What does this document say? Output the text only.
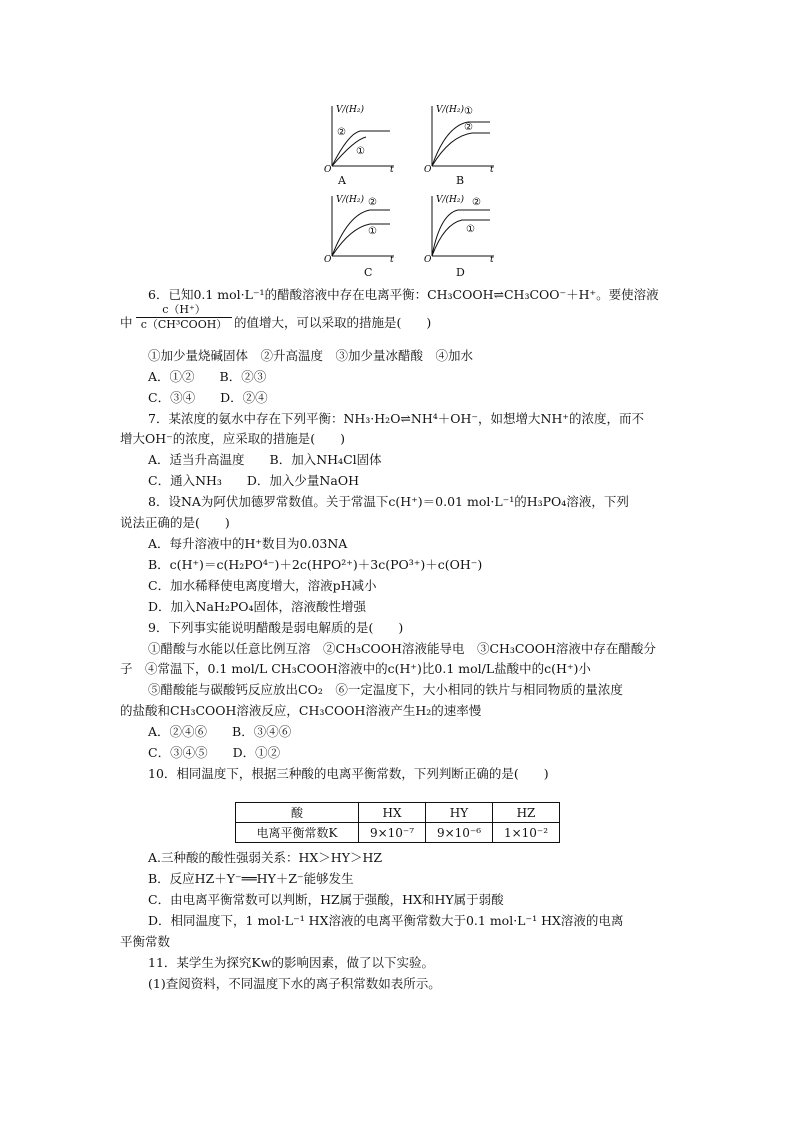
V/(H₂)
②
①
O	t
A
V/(H₂) ①
②
O	t
B
V/(H₂) ②
①
O	t
C
V/(H₂) ②
①
O	t
D
6．已知0.1 mol·L⁻¹的醋酸溶液中存在电离平衡：CH₃COOH⇌CH₃COO⁻＋H⁺。要使溶液
中
c（H⁺）
c（CH³COOH） 的值增大，可以采取的措施是(　　)
①加少量烧碱固体　②升高温度　③加少量冰醋酸　④加水
A．①②　　B．②③
C．③④　　D．②④
7．某浓度的氨水中存在下列平衡：NH₃·H₂O⇌NH⁴＋OH⁻，如想增大NH⁺的浓度，而不
增大OH⁻的浓度，应采取的措施是(　　)
A．适当升高温度　　B．加入NH₄Cl固体
C．通入NH₃　　D．加入少量NaOH
8．设NA为阿伏加德罗常数值。关于常温下c(H⁺)＝0.01 mol·L⁻¹的H₃PO₄溶液，下列
说法正确的是(　　)
A．每升溶液中的H⁺数目为0.03NA
B．c(H⁺)＝c(H₂PO⁴⁻)＋2c(HPO²⁺)＋3c(PO³⁺)＋c(OH⁻)
C．加水稀释使电离度增大，溶液pH减小
D．加入NaH₂PO₄固体，溶液酸性增强
9．下列事实能说明醋酸是弱电解质的是(　　)
①醋酸与水能以任意比例互溶　②CH₃COOH溶液能导电　③CH₃COOH溶液中存在醋酸分
子　④常温下，0.1 mol/L CH₃COOH溶液中的c(H⁺)比0.1 mol/L盐酸中的c(H⁺)小
⑤醋酸能与碳酸钙反应放出CO₂　⑥一定温度下，大小相同的铁片与相同物质的量浓度
的盐酸和CH₃COOH溶液反应，CH₃COOH溶液产生H₂的速率慢
A．②④⑥　　B．③④⑥
C．③④⑤　　D．①②
10．相同温度下，根据三种酸的电离平衡常数，下列判断正确的是(　　)
酸	HX	HY	HZ
电离平衡常数K	9×10⁻⁷	9×10⁻⁶	1×10⁻²
A.三种酸的酸性强弱关系：HX＞HY＞HZ
B．反应HZ＋Y⁻══HY＋Z⁻能够发生
C．由电离平衡常数可以判断，HZ属于强酸，HX和HY属于弱酸
D．相同温度下，1 mol·L⁻¹ HX溶液的电离平衡常数大于0.1 mol·L⁻¹ HX溶液的电离
平衡常数
11．某学生为探究Kw的影响因素，做了以下实验。
(1)查阅资料，不同温度下水的离子积常数如表所示。
